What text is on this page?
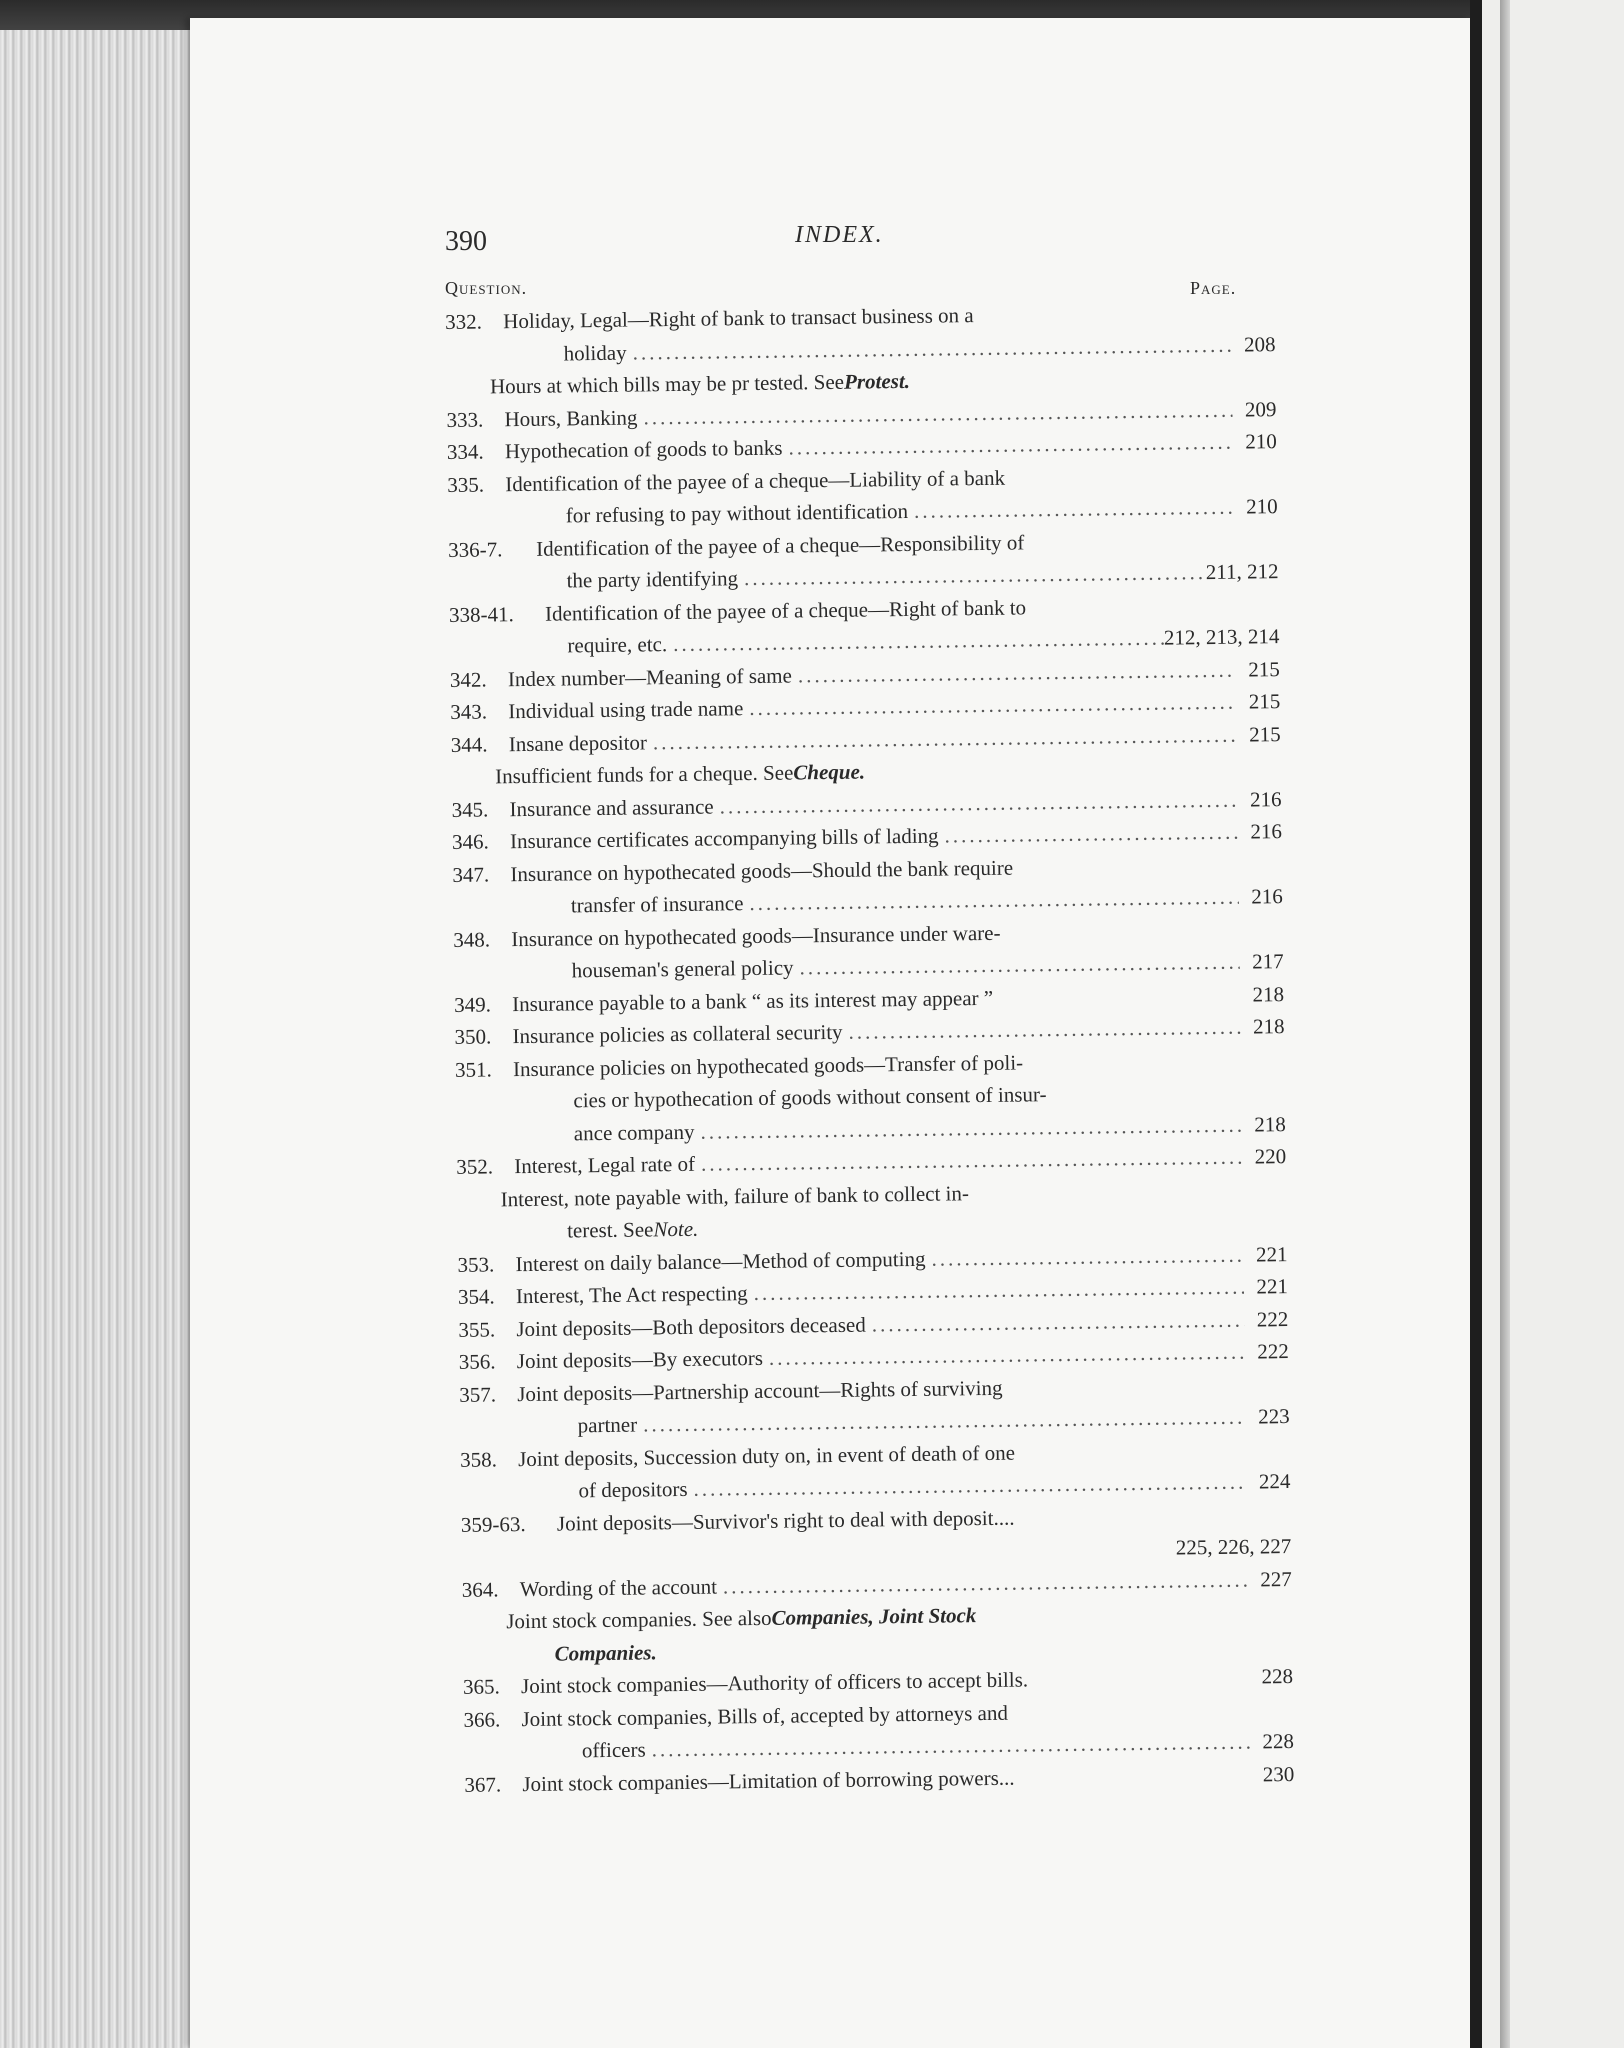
390	INDEX.
Question.	Page.
332. Holiday, Legal—Right of bank to transact business on a
holiday .....	208
Hours at which bills may be pr tested. See Protest.
333. Hours, Banking .....	209
334. Hypothecation of goods to banks .....	210
335. Identification of the payee of a cheque—Liability of a bank
for refusing to pay without identification .....	210
336-7.	Identification of the payee of a cheque—Responsibility of
the party identifying .....	211, 212
338-41.	Identification of the payee of a cheque—Right of bank to
require, etc. .....	212, 213, 214
342. Index number—Meaning of same .....	215
343. Individual using trade name .....	215
344. Insane depositor .....	215
Insufficient funds for a cheque. See Cheque.
345. Insurance and assurance .....	216
346. Insurance certificates accompanying bills of lading .....	216
347. Insurance on hypothecated goods—Should the bank require
transfer of insurance .....	216
348. Insurance on hypothecated goods—Insurance under ware-
houseman's general policy .....	217
349. Insurance payable to a bank “ as its interest may appear ”	218
350. Insurance policies as collateral security .....	218
351. Insurance policies on hypothecated goods—Transfer of poli-
cies or hypothecation of goods without consent of insur-
ance company .....	218
352. Interest, Legal rate of .....	220
Interest, note payable with, failure of bank to collect in-
terest. See Note.
353. Interest on daily balance—Method of computing .....	221
354. Interest, The Act respecting .....	221
355. Joint deposits—Both depositors deceased .....	222
356. Joint deposits—By executors .....	222
357. Joint deposits—Partnership account—Rights of surviving
partner .....	223
358. Joint deposits, Succession duty on, in event of death of one
of depositors .....	224
359-63.	Joint deposits—Survivor's right to deal with deposit....
225, 226, 227
364. Wording of the account .....	227
Joint stock companies. See also Companies, Joint Stock
Companies.
365. Joint stock companies—Authority of officers to accept bills.	228
366. Joint stock companies, Bills of, accepted by attorneys and
officers .....	228
367. Joint stock companies—Limitation of borrowing powers...	230
